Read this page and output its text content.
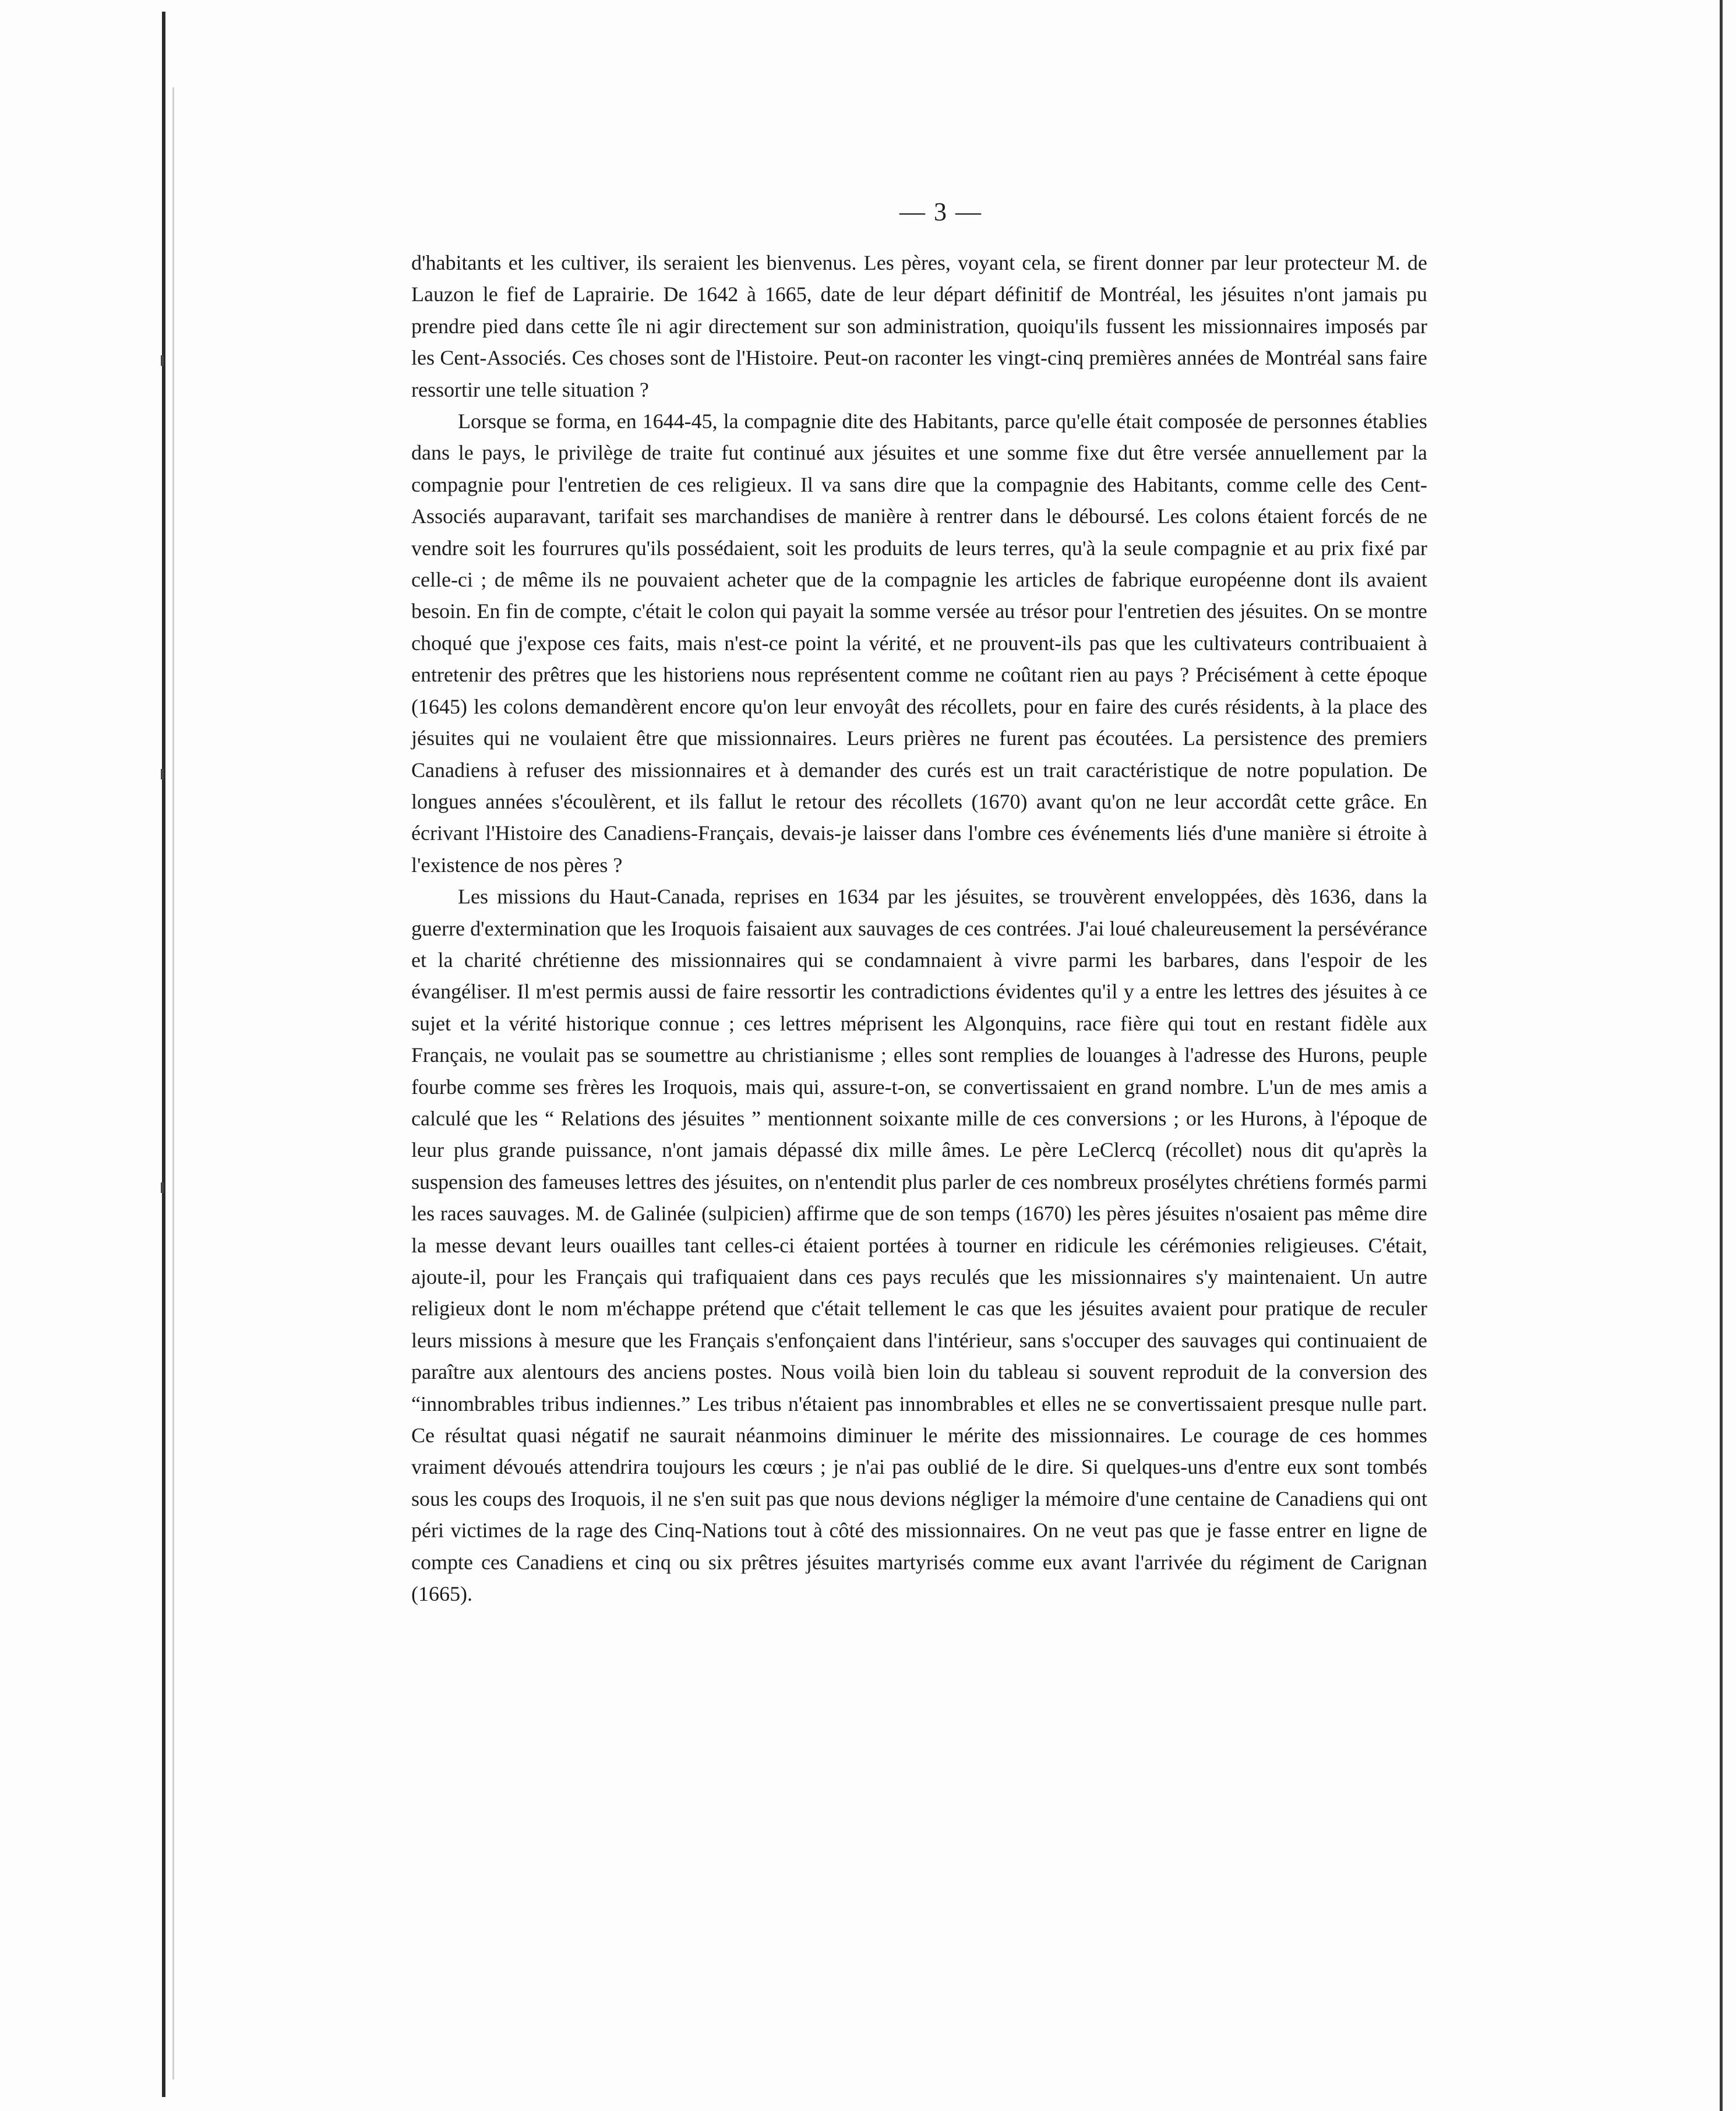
— 3 —

d'habitants et les cultiver, ils seraient les bienvenus. Les pères, voyant cela, se firent donner par leur protecteur M. de Lauzon le fief de Laprairie. De 1642 à 1665, date de leur départ définitif de Montréal, les jésuites n'ont jamais pu prendre pied dans cette île ni agir directement sur son administration, quoiqu'ils fussent les missionnaires imposés par les Cent-Associés. Ces choses sont de l'Histoire. Peut-on raconter les vingt-cinq premières années de Montréal sans faire ressortir une telle situation ?

Lorsque se forma, en 1644-45, la compagnie dite des Habitants, parce qu'elle était composée de personnes établies dans le pays, le privilège de traite fut continué aux jésuites et une somme fixe dut être versée annuellement par la compagnie pour l'entretien de ces religieux. Il va sans dire que la compagnie des Habitants, comme celle des Cent-Associés auparavant, tarifait ses marchandises de manière à rentrer dans le déboursé. Les colons étaient forcés de ne vendre soit les fourrures qu'ils possédaient, soit les produits de leurs terres, qu'à la seule compagnie et au prix fixé par celle-ci ; de même ils ne pouvaient acheter que de la compagnie les articles de fabrique européenne dont ils avaient besoin. En fin de compte, c'était le colon qui payait la somme versée au trésor pour l'entretien des jésuites. On se montre choqué que j'expose ces faits, mais n'est-ce point la vérité, et ne prouvent-ils pas que les cultivateurs contribuaient à entretenir des prêtres que les historiens nous représentent comme ne coûtant rien au pays ? Précisément à cette époque (1645) les colons demandèrent encore qu'on leur envoyât des récollets, pour en faire des curés résidents, à la place des jésuites qui ne voulaient être que missionnaires. Leurs prières ne furent pas écoutées. La persistence des premiers Canadiens à refuser des missionnaires et à demander des curés est un trait caractéristique de notre population. De longues années s'écoulèrent, et ils fallut le retour des récollets (1670) avant qu'on ne leur accordât cette grâce. En écrivant l'Histoire des Canadiens-Français, devais-je laisser dans l'ombre ces événements liés d'une manière si étroite à l'existence de nos pères ?

Les missions du Haut-Canada, reprises en 1634 par les jésuites, se trouvèrent enveloppées, dès 1636, dans la guerre d'extermination que les Iroquois faisaient aux sauvages de ces contrées. J'ai loué chaleureusement la persévérance et la charité chrétienne des missionnaires qui se condamnaient à vivre parmi les barbares, dans l'espoir de les évangéliser. Il m'est permis aussi de faire ressortir les contradictions évidentes qu'il y a entre les lettres des jésuites à ce sujet et la vérité historique connue ; ces lettres méprisent les Algonquins, race fière qui tout en restant fidèle aux Français, ne voulait pas se soumettre au christianisme ; elles sont remplies de louanges à l'adresse des Hurons, peuple fourbe comme ses frères les Iroquois, mais qui, assure-t-on, se convertissaient en grand nombre. L'un de mes amis a calculé que les “ Relations des jésuites ” mentionnent soixante mille de ces conversions ; or les Hurons, à l'époque de leur plus grande puissance, n'ont jamais dépassé dix mille âmes. Le père LeClercq (récollet) nous dit qu'après la suspension des fameuses lettres des jésuites, on n'entendit plus parler de ces nombreux prosélytes chrétiens formés parmi les races sauvages. M. de Galinée (sulpicien) affirme que de son temps (1670) les pères jésuites n'osaient pas même dire la messe devant leurs ouailles tant celles-ci étaient portées à tourner en ridicule les cérémonies religieuses. C'était, ajoute-il, pour les Français qui trafiquaient dans ces pays reculés que les missionnaires s'y maintenaient. Un autre religieux dont le nom m'échappe prétend que c'était tellement le cas que les jésuites avaient pour pratique de reculer leurs missions à mesure que les Français s'enfonçaient dans l'intérieur, sans s'occuper des sauvages qui continuaient de paraître aux alentours des anciens postes. Nous voilà bien loin du tableau si souvent reproduit de la conversion des “innombrables tribus indiennes.” Les tribus n'étaient pas innombrables et elles ne se convertissaient presque nulle part. Ce résultat quasi négatif ne saurait néanmoins diminuer le mérite des missionnaires. Le courage de ces hommes vraiment dévoués attendrira toujours les cœurs ; je n'ai pas oublié de le dire. Si quelques-uns d'entre eux sont tombés sous les coups des Iroquois, il ne s'en suit pas que nous devions négliger la mémoire d'une centaine de Canadiens qui ont péri victimes de la rage des Cinq-Nations tout à côté des missionnaires. On ne veut pas que je fasse entrer en ligne de compte ces Canadiens et cinq ou six prêtres jésuites martyrisés comme eux avant l'arrivée du régiment de Carignan (1665).
